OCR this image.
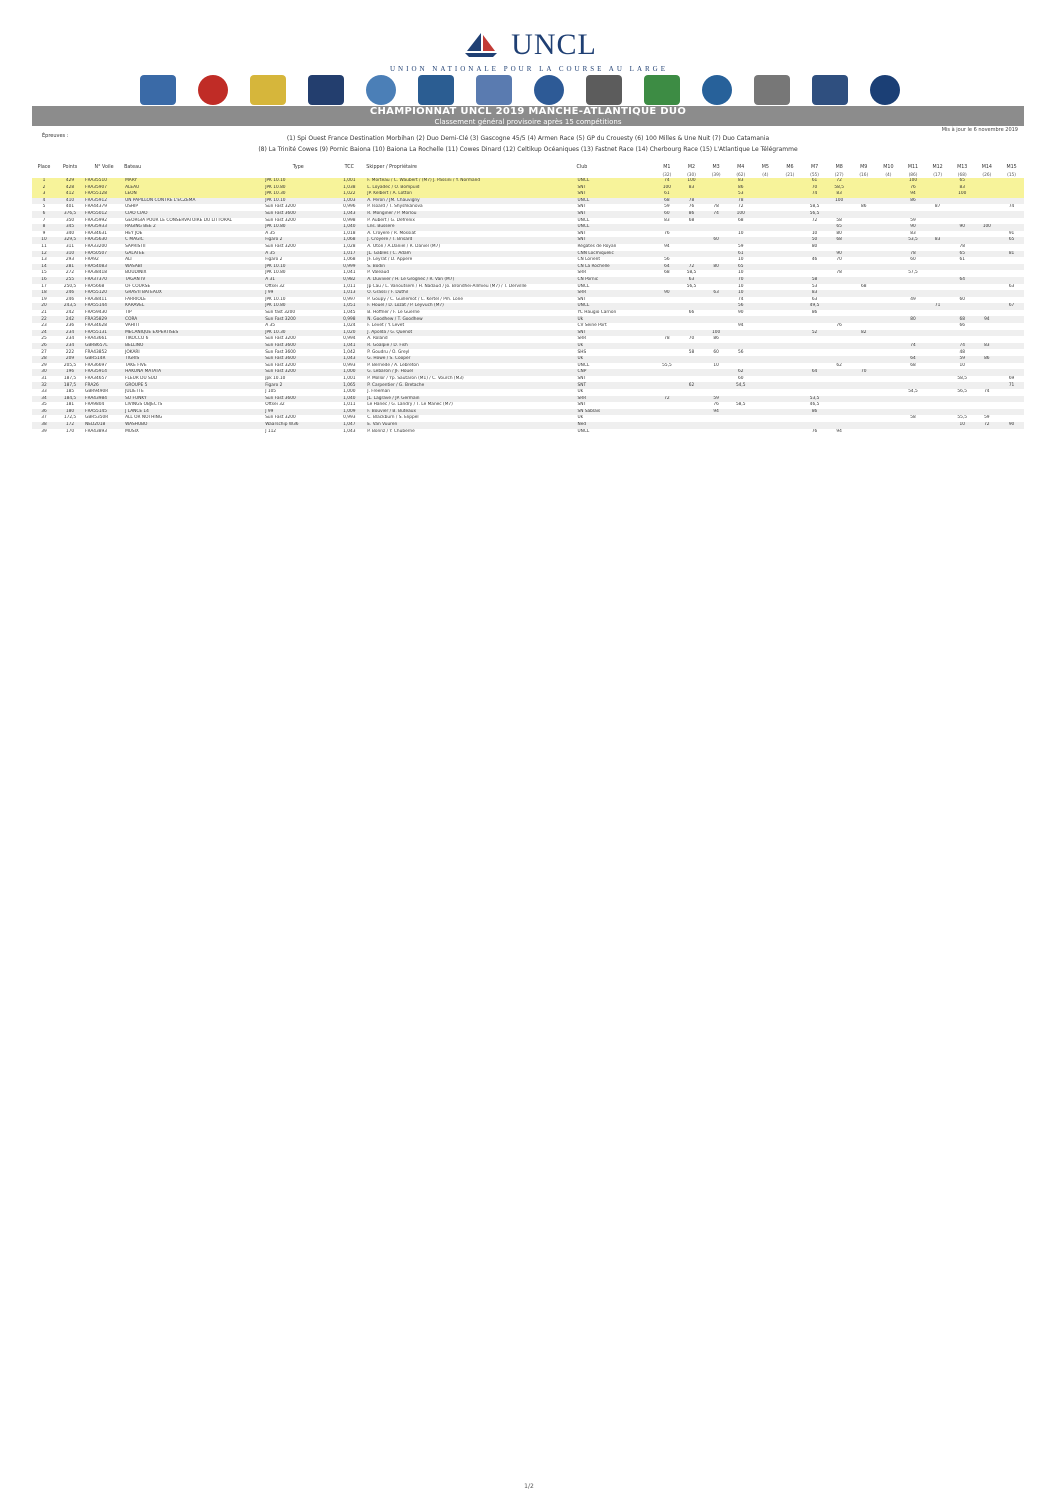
UNCL
UNION NATIONALE POUR LA COURSE AU LARGE
CHAMPIONNAT UNCL 2019 MANCHE-ATLANTIQUE DUO
Classement général provisoire après 15 compétitions
Mis à jour le 6 novembre 2019
Épreuves :	(1) Spi Ouest France Destination Morbihan (2) Duo Demi-Clé (3) Gascogne 45/5 (4) Armen Race (5) GP du Crouesty (6) 100 Milles & Une Nuit (7) Duo Catamania
(8) La Trinité Cowes (9) Pornic Baiona (10) Baiona La Rochelle (11) Cowes Dinard (12) Celtikup Océaniques (13) Fastnet Race (14) Cherbourg Race (15) L'Atlantique Le Télégramme
Place	Points	N° Voile	Bateau	Type	TCC	Skipper / Propriétaire	Club	M1	M2	M3	M4	M5	M6	M7	M8	M9	M10	M11	M12	M13	M14	M15
								(32)	(30)	(39)	(62)	(4)	(21)	(55)	(27)	(16)	(4)	(86)	(17)	(68)	(26)	(15)
1	429	FRA35510	MARY	JPK 10.10	1,001	F. Morteau / C. Waubert / (M7) J. Passini / Y. Normand	UNCL	74	100		83			61	72			100		65		
2	428	FRA35907	ALEAU	JPK 10.80	1,038	L. Loyadec / O. Bompuid	SNT	100	83		86			70	58,5			76		83		
3	412	FRA55128	LEON	JPK 10.30	1,022	JP. Kelbert / A. Lotton	SNT	61			53			74	83			94		100		
4	410	FRA35912	UN PAPILLON CONTRE L'ECZEMA	JPK 10.10	1,003	A. Peron / JM. Chauvigny	UNCL	68	78		78				100			86				
5	401	FRA44379	USHIP	Sun Fast 3200	0,996	P. Isoard / T. Shyshkanova	SNT	59	76	78	72			58,5		86			87			74
6	376,5	FRA55012	CIAO CIAO	Sun Fast 3600	1,043	R. Monginer / P. Morlou	SNT	60	86	74	100			56,5								
7	350	FRA35992	GEORGIA POUR LE CONSERVATOIRE DU LITTORAL	Sun Fast 3200	0,998	P. Aubert / G. Defrenix	UNCL	83	68		68			72	58			59				
8	345	FRA35933	RAGING BEE 2	JPK 10.80	1,040	Lns. Bussere	UNCL								65			90		90	100	
9	340	FRA34631	HEY JOE	A 35	1,018	A. Croyere / R. Mossiat	SNT	76			10			10	80			83				91
10	329,5	FRA35630	C MAGIC	Figaro 2	1,068	J. Croyere / T. Brisard	SNT			60				50	68			53,5	83			65
11	311	FRA33200	SAPRISTII	Sun Fast 3200	1,028	A. Oton / A.Daniel / R. Daniel (M7)	Régates de Royan	94			59			80						78		
12	310	FRA50507	GALATEE	A 35	1,017	JL. Gables / C. Adam	CNN Locmiquelic				61				90			78		65		81
13	293	FRA92	ALI	Figaro 2	1,068	JF. Leyrat / D. Appere	CN Lorient	56			10			46	70			60		61		
14	281	FRA54083	WASABI	JPK 10.10	0,999	S. Bodin	CN La Rochelle	64	72	80	65											
15	272	FRA38418	BOUDINIX	JPK 10.80	1,041	P. Valeaud	SRR	68	58,5		10				78			57,5				
16	255	FRA37370	TAGAN IV	A 31	0,982	A. Duvivier / H. Le Grognec / R. Van (M7)	CN Pornic		63		70			58						64		
17	250,5	FRA5668	OF COURSE	Oftsei 32	1,011	Jp Cau / L. Vanoutsem / H. Nadaud / Jo. Brondhei-Allmieu (M7) / T. Dervillle	UNCL		56,5		10			53		68						63
18	246	FRA55120	GRAS'II BATEAUX	J 99	1,013	O. Grassi / F. Duthil	SRR	90		63	10			83								
19	246	FRA38411	FARRIOLE	JPK 10.10	0,997	P. Goupy / C. Guillemot / C. Kertel / Pm. Lone	SNT				74			63				49		60		
20	243,5	FRA55144	KARAVEL	JPK 10.80	1,051	F. Houel / D. Lozat / P. Leyvuch (M7)	UNCL				56			49,5					71			67
21	242	FRA59430	TIP	Sun fast 3200	1,045	B. Hoffner / F. Le Guerne	YC Haugio Carnon		66		90			86								
22	242	FRA35829	CORA	Sun Fast 3200	0,998	N. Goodhew / T. Goodhew	Uk											80		68	94	
23	236	FRA34628	VAHITI	A 35	1,024	F. Levet / Y. Levet	CV Seine Port				94				76					66		
24	234	FRA55131	MECANIQUE EXPERTISES	JPK 10.30	1,020	J. Apolda / G. Quenot	SNT			100				52		82						
25	234	FRA43661	TIKOCCO 6	Sun Fast 3200	0,994	A. Roland	SRR	78	70	86												
26	234	GBR8657L	BELLINO	Sun Fast 3600	1,041	R. Goalpie / D. Fish	Uk											74		74	83	
27	222	FRA43852	JOKARI	Sun Fast 3600	1,042	P. Goudru / O. Greyl	SHS		58	60	56									48		
28	209	GBR514R	TIGRIS	Sun Fast 3600	1,043	G. Howe / S. Cooper	Uk											64		59	86	
29	205,5	FRA36697	TAKE FIVE	Sun Fast 3200	0,993	P. Bernede / A. Lebreton	UNCL	55,5		10					62			68		10		
30	196	FRA35914	HAKUNA MATATA	Sun Fast 3200	1,000	G. Lebaron / JF. Houel	CNP				62			64		70						
31	187,5	FRA34657	FLEUR DU SUD	Jpk 10.10	1,001	P. Mollor / Yp. Sautaron (M1) / C. Vourch (M3)	SNT				60									58,5		69
32	187,5	FRA26	GROUPE 5	Figaro 2	1,065	P. Carpentier / G. Bretache	SNT		62		54,5											71
33	185	GBR9490R	JULIETTE	J 105	1,000	J. Freeman	Uk											54,5		56,5	74	
34	184,5	FRA43984	SO FUNKY	Sun Fast 3600	1,040	JL. Lagrave / JP. Germain	SRR	72		59				53,5								
35	181	FRA9804	LIVINGS OBJECTS	Oftsei 32	1,011	Le Hanec / G. Landry / T. Le Manec (M7)	SNT			76	58,5			46,5								
36	180	FRA55145	J LANCE 14	J 99	1,009	F. Bouvier / B. Buteaux	SN Sablais			94				86								
37	172,5	GBR5350R	ALL OR NOTHING	Sun Fast 3200	0,993	C. Blackburn / S. Elippel	Uk											58		55,5	59	
38	172	NED2018	WASHUBO	Waarschip W36	1,047	E. Van Vuuren	Ned													10	72	90
39	170	FRA43893	MUSIX	J 112	1,043	P. Bonnz / Y. Chuberne	UNCL							76	94							
1/2
